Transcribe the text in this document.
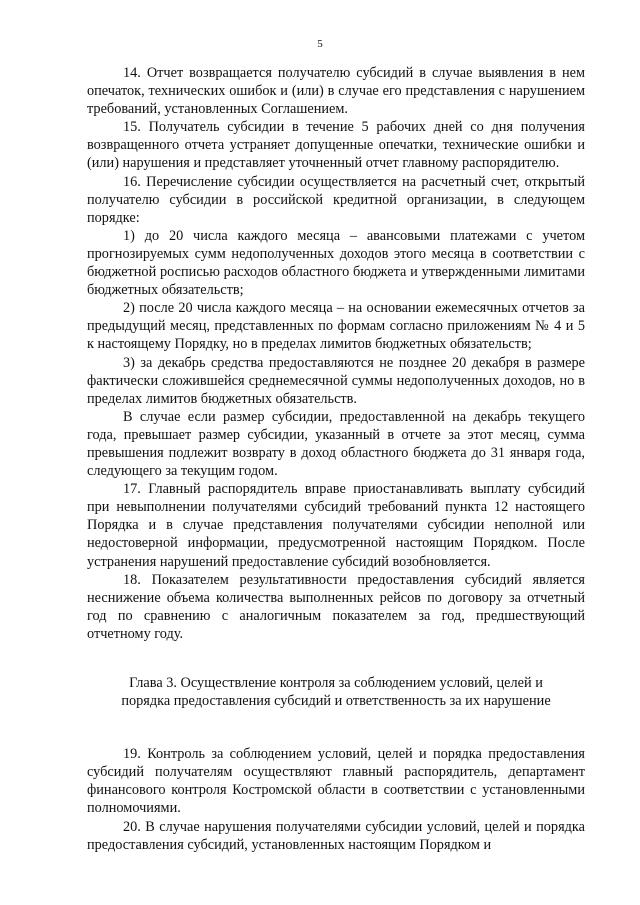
5

14. Отчет возвращается получателю субсидий в случае выявления в нем опечаток, технических ошибок и (или) в случае его представления с нарушением требований, установленных Соглашением.

15. Получатель субсидии в течение 5 рабочих дней со дня получения возвращенного отчета устраняет допущенные опечатки, технические ошибки и (или) нарушения и представляет уточненный отчет главному распорядителю.

16. Перечисление субсидии осуществляется на расчетный счет, открытый получателю субсидии в российской кредитной организации, в следующем порядке:

1) до 20 числа каждого месяца – авансовыми платежами с учетом прогнозируемых сумм недополученных доходов этого месяца в соответствии с бюджетной росписью расходов областного бюджета и утвержденными лимитами бюджетных обязательств;

2) после 20 числа каждого месяца – на основании ежемесячных отчетов за предыдущий месяц, представленных по формам согласно приложениям № 4 и 5 к настоящему Порядку, но в пределах лимитов бюджетных обязательств;

3) за декабрь средства предоставляются не позднее 20 декабря в размере фактически сложившейся среднемесячной суммы недополученных доходов, но в пределах лимитов бюджетных обязательств.

В случае если размер субсидии, предоставленной на декабрь текущего года, превышает размер субсидии, указанный в отчете за этот месяц, сумма превышения подлежит возврату в доход областного бюджета до 31 января года, следующего за текущим годом.

17. Главный распорядитель вправе приостанавливать выплату субсидий при невыполнении получателями субсидий требований пункта 12 настоящего Порядка и в случае представления получателями субсидии неполной или недостоверной информации, предусмотренной настоящим Порядком. После устранения нарушений предоставление субсидий возобновляется.

18. Показателем результативности предоставления субсидий является неснижение объема количества выполненных рейсов по договору за отчетный год по сравнению с аналогичным показателем за год, предшествующий отчетному году.

Глава 3. Осуществление контроля за соблюдением условий, целей и
порядка предоставления субсидий и ответственность за их нарушение

19. Контроль за соблюдением условий, целей и порядка предоставления субсидий получателям осуществляют главный распорядитель, департамент финансового контроля Костромской области в соответствии с установленными полномочиями.

20. В случае нарушения получателями субсидии условий, целей и порядка предоставления субсидий, установленных настоящим Порядком и
